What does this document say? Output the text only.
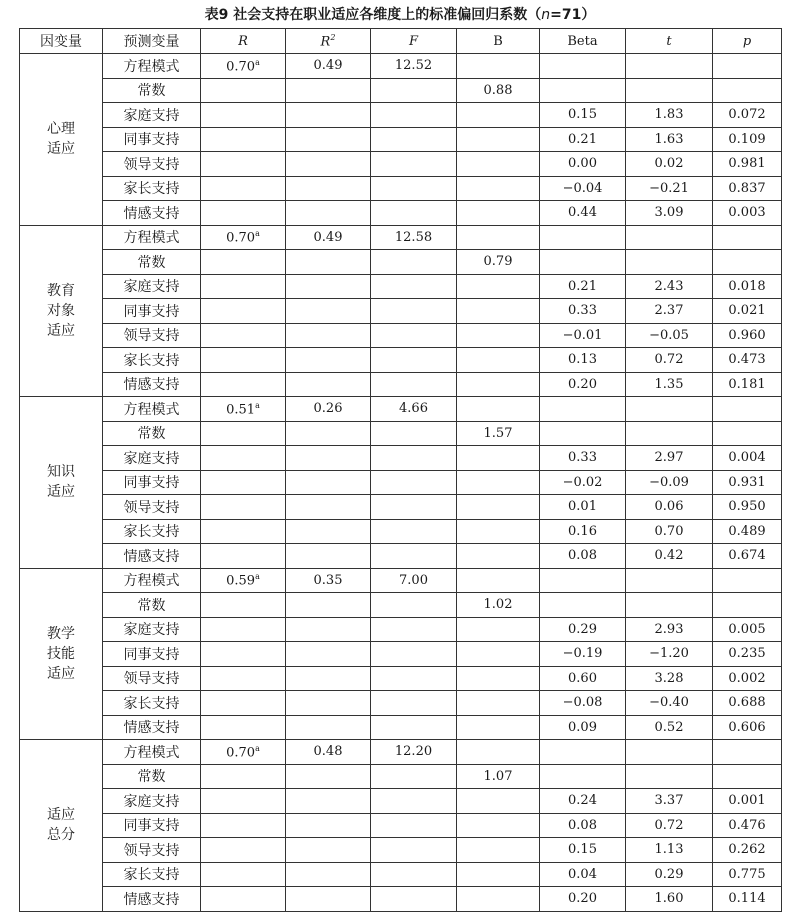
表9 社会支持在职业适应各维度上的标准偏回归系数（n=71）
因变量	预测变量	R	$R^2$	F	B	Beta	t	p

心理
适应	方程模式	0.70$^a$	0.49	12.52				
	常数				0.88			
	家庭支持					0.15	1.83	0.072
	同事支持					0.21	1.63	0.109
	领导支持					0.00	0.02	0.981
	家长支持					−0.04	−0.21	0.837
	情感支持					0.44	3.09	0.003

教育
对象
适应	方程模式	0.70$^a$	0.49	12.58				
	常数				0.79			
	家庭支持					0.21	2.43	0.018
	同事支持					0.33	2.37	0.021
	领导支持					−0.01	−0.05	0.960
	家长支持					0.13	0.72	0.473
	情感支持					0.20	1.35	0.181

知识
适应	方程模式	0.51$^a$	0.26	4.66				
	常数				1.57			
	家庭支持					0.33	2.97	0.004
	同事支持					−0.02	−0.09	0.931
	领导支持					0.01	0.06	0.950
	家长支持					0.16	0.70	0.489
	情感支持					0.08	0.42	0.674

教学
技能
适应	方程模式	0.59$^a$	0.35	7.00				
	常数				1.02			
	家庭支持					0.29	2.93	0.005
	同事支持					−0.19	−1.20	0.235
	领导支持					0.60	3.28	0.002
	家长支持					−0.08	−0.40	0.688
	情感支持					0.09	0.52	0.606

适应
总分	方程模式	0.70$^a$	0.48	12.20				
	常数				1.07			
	家庭支持					0.24	3.37	0.001
	同事支持					0.08	0.72	0.476
	领导支持					0.15	1.13	0.262
	家长支持					0.04	0.29	0.775
	情感支持					0.20	1.60	0.114
